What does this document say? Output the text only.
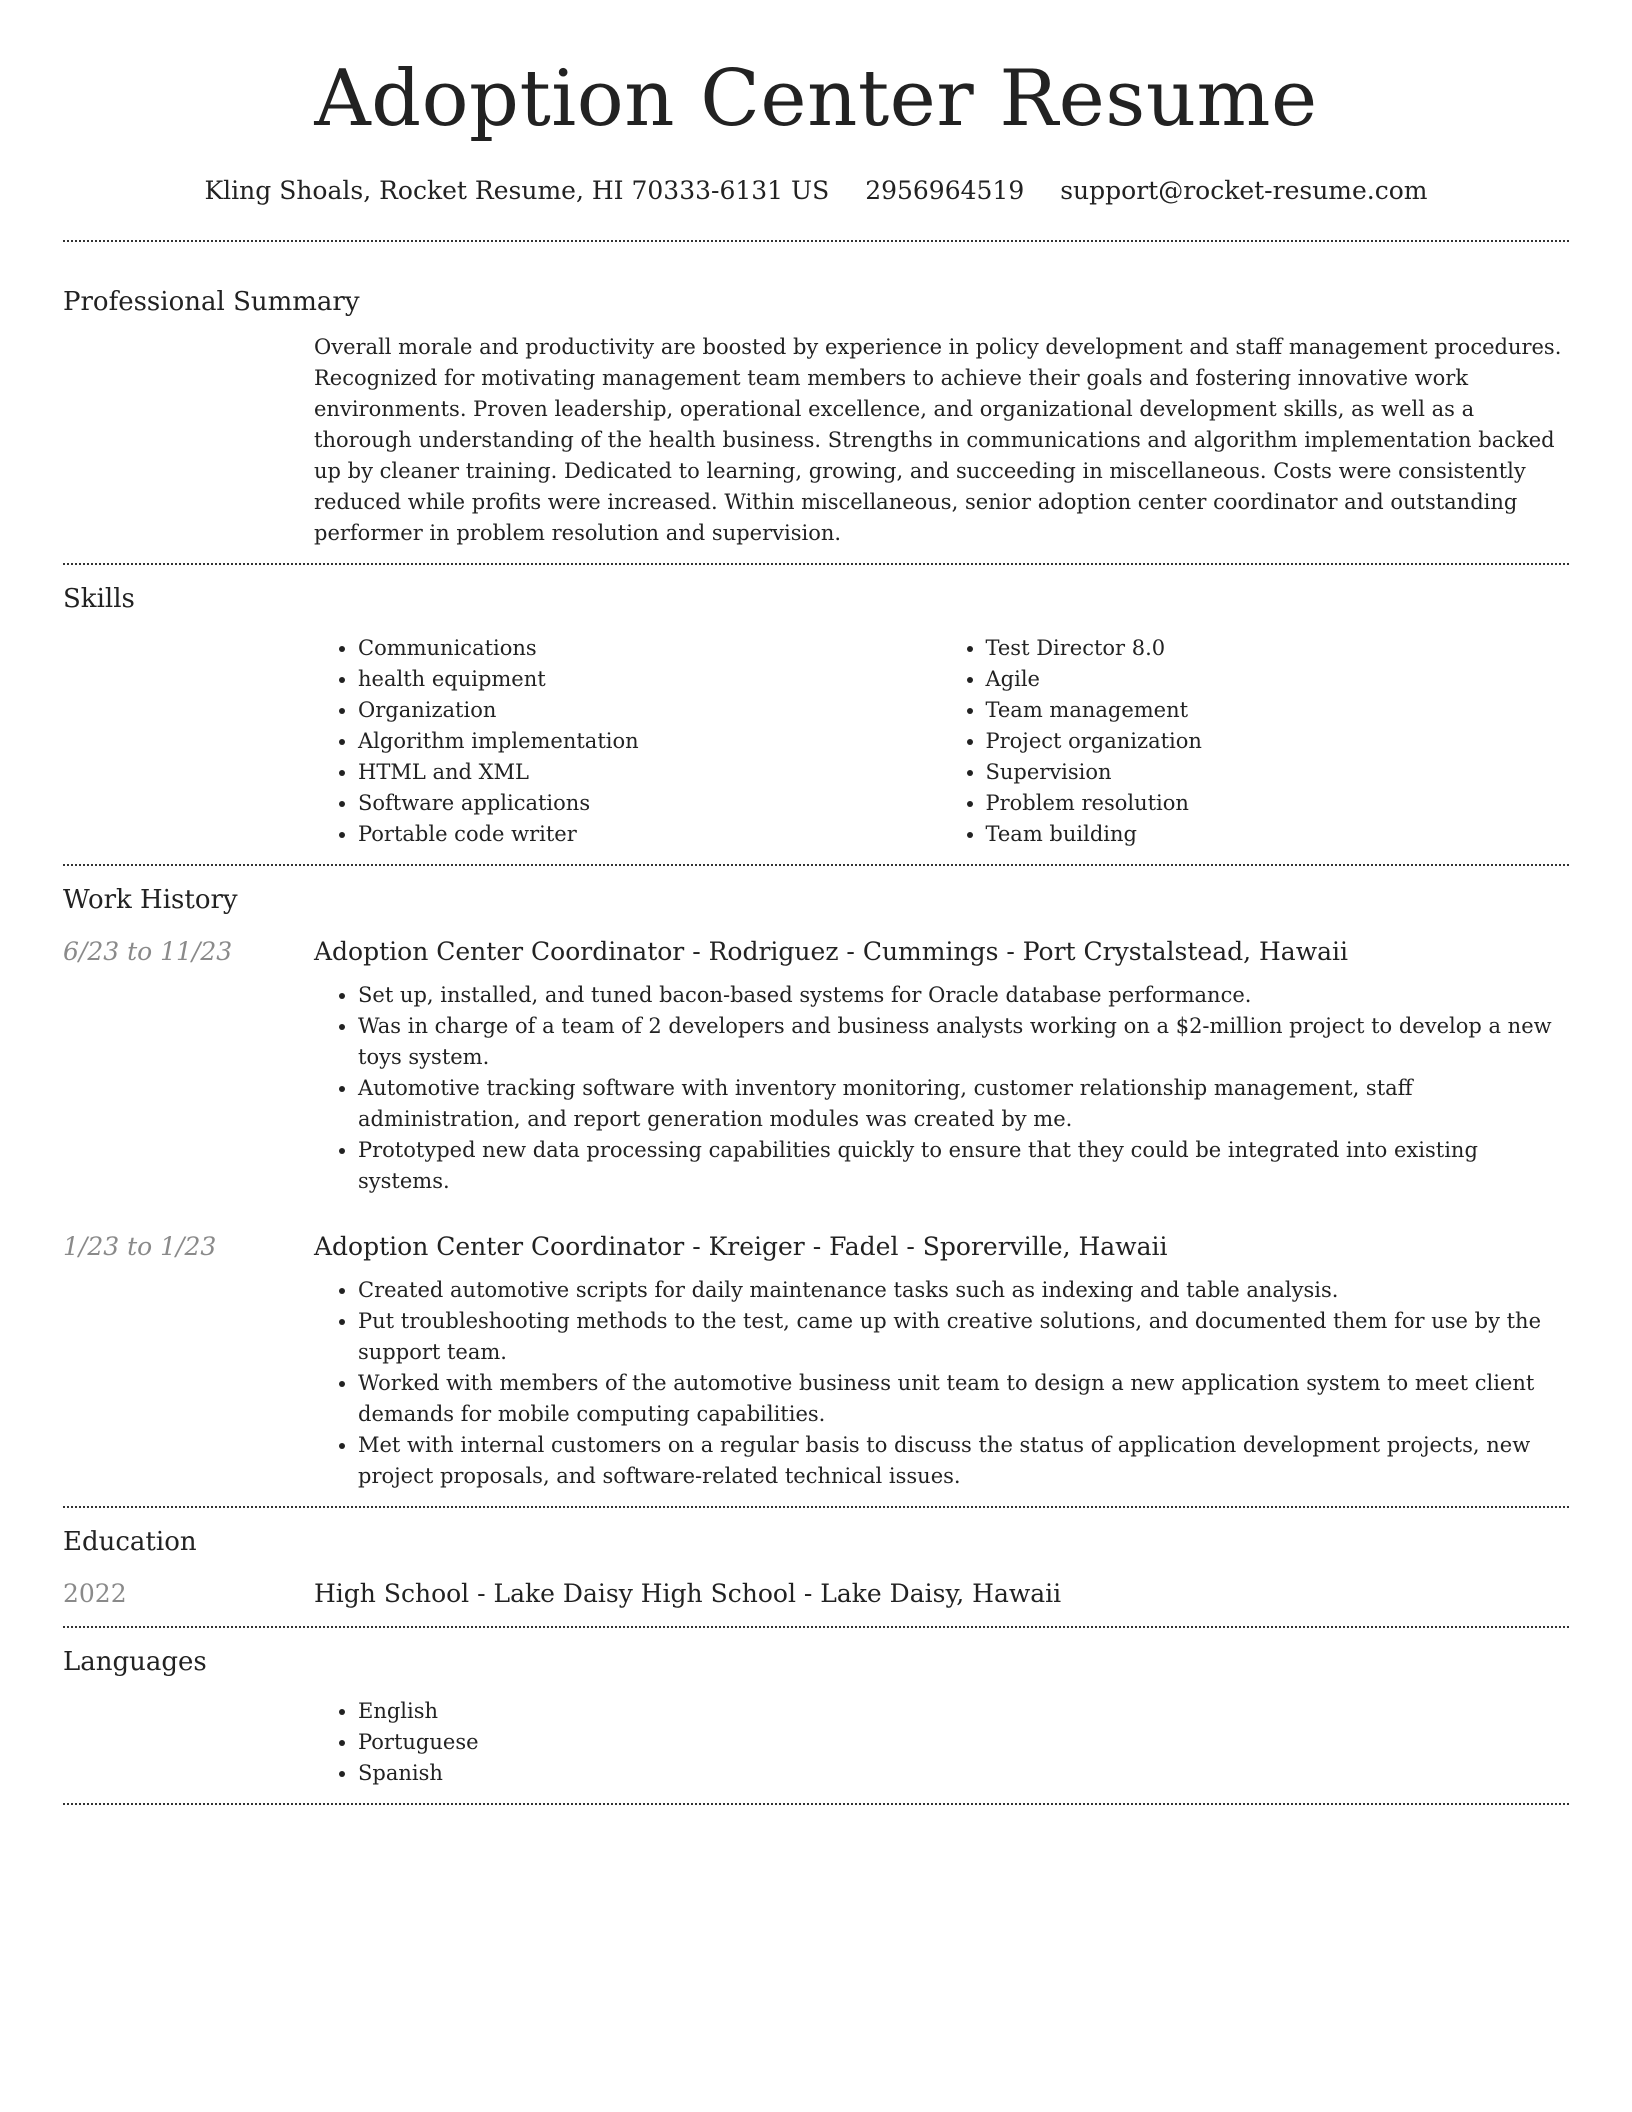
Adoption Center Resume
Kling Shoals, Rocket Resume, HI 70333-6131 US 2956964519 support@rocket-resume.com
Professional Summary

Overall morale and productivity are boosted by experience in policy development and staff management procedures. Recognized for motivating management team members to achieve their goals and fostering innovative work environments. Proven leadership, operational excellence, and organizational development skills, as well as a thorough understanding of the health business. Strengths in communications and algorithm implementation backed up by cleaner training. Dedicated to learning, growing, and succeeding in miscellaneous. Costs were consistently reduced while profits were increased. Within miscellaneous, senior adoption center coordinator and outstanding performer in problem resolution and supervision.

Skills
• Communications
• health equipment
• Organization
• Algorithm implementation
• HTML and XML
• Software applications
• Portable code writer
• Test Director 8.0
• Agile
• Team management
• Project organization
• Supervision
• Problem resolution
• Team building
Work History
6/23 to 11/23	Adoption Center Coordinator - Rodriguez - Cummings - Port Crystalstead, Hawaii
• Set up, installed, and tuned bacon-based systems for Oracle database performance.
• Was in charge of a team of 2 developers and business analysts working on a $2-million project to develop a new toys system.
• Automotive tracking software with inventory monitoring, customer relationship management, staff administration, and report generation modules was created by me.
• Prototyped new data processing capabilities quickly to ensure that they could be integrated into existing systems.
1/23 to 1/23	Adoption Center Coordinator - Kreiger - Fadel - Sporerville, Hawaii
• Created automotive scripts for daily maintenance tasks such as indexing and table analysis.
• Put troubleshooting methods to the test, came up with creative solutions, and documented them for use by the support team.
• Worked with members of the automotive business unit team to design a new application system to meet client demands for mobile computing capabilities.
• Met with internal customers on a regular basis to discuss the status of application development projects, new project proposals, and software-related technical issues.
Education
2022	High School - Lake Daisy High School - Lake Daisy, Hawaii
Languages
• English
• Portuguese
• Spanish
